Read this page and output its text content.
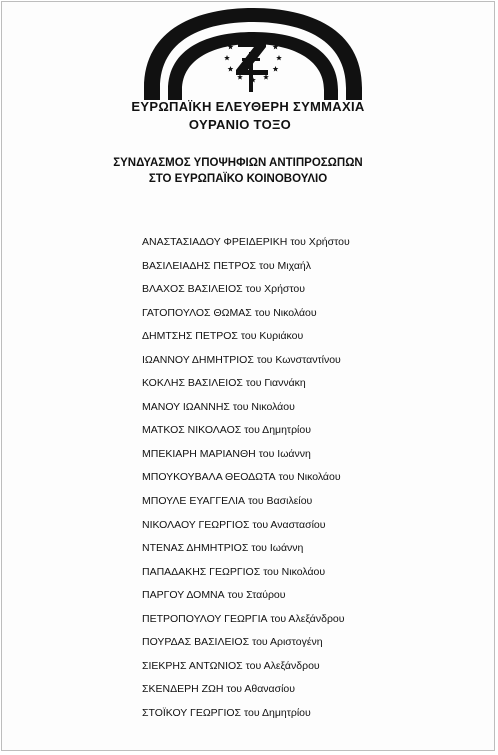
ΕΥΡΩΠΑΪΚΗ ΕΛΕΥΘΕΡΗ ΣΥΜΜΑΧΙΑ
ΟΥΡΑΝΙΟ ΤΟΞΟ
ΣΥΝΔΥΑΣΜΟΣ ΥΠΟΨΗΦΙΩΝ ΑΝΤΙΠΡΟΣΩΠΩΝ
ΣΤΟ ΕΥΡΩΠΑΪΚΟ ΚΟΙΝΟΒΟΥΛΙΟ
ΑΝΑΣΤΑΣΙΑΔΟΥ ΦΡΕΙΔΕΡΙΚΗ του Χρήστου
ΒΑΣΙΛΕΙΑΔΗΣ ΠΕΤΡΟΣ του Μιχαήλ
ΒΛΑΧΟΣ ΒΑΣΙΛΕΙΟΣ του Χρήστου
ΓΑΤΟΠΟΥΛΟΣ ΘΩΜΑΣ του Νικολάου
ΔΗΜΤΣΗΣ ΠΕΤΡΟΣ του Κυριάκου
ΙΩΑΝΝΟΥ ΔΗΜΗΤΡΙΟΣ του Κωνσταντίνου
ΚΟΚΛΗΣ ΒΑΣΙΛΕΙΟΣ του Γιαννάκη
ΜΑΝΟΥ ΙΩΑΝΝΗΣ του Νικολάου
ΜΑΤΚΟΣ ΝΙΚΟΛΑΟΣ του Δημητρίου
ΜΠΕΚΙΑΡΗ ΜΑΡΙΑΝΘΗ του Ιωάννη
ΜΠΟΥΚΟΥΒΑΛΑ ΘΕΟΔΩΤΑ του Νικολάου
ΜΠΟΥΛΕ ΕΥΑΓΓΕΛΙΑ του Βασιλείου
ΝΙΚΟΛΑΟΥ ΓΕΩΡΓΙΟΣ του Αναστασίου
ΝΤΕΝΑΣ ΔΗΜΗΤΡΙΟΣ του Ιωάννη
ΠΑΠΑΔΑΚΗΣ ΓΕΩΡΓΙΟΣ του Νικολάου
ΠΑΡΓΟΥ ΔΟΜΝΑ του Σταύρου
ΠΕΤΡΟΠΟΥΛΟΥ ΓΕΩΡΓΙΑ του Αλεξάνδρου
ΠΟΥΡΔΑΣ ΒΑΣΙΛΕΙΟΣ του Αριστογένη
ΣΙΕΚΡΗΣ ΑΝΤΩΝΙΟΣ του Αλεξάνδρου
ΣΚΕΝΔΕΡΗ ΖΩΗ του Αθανασίου
ΣΤΟΪΚΟΥ ΓΕΩΡΓΙΟΣ του Δημητρίου
